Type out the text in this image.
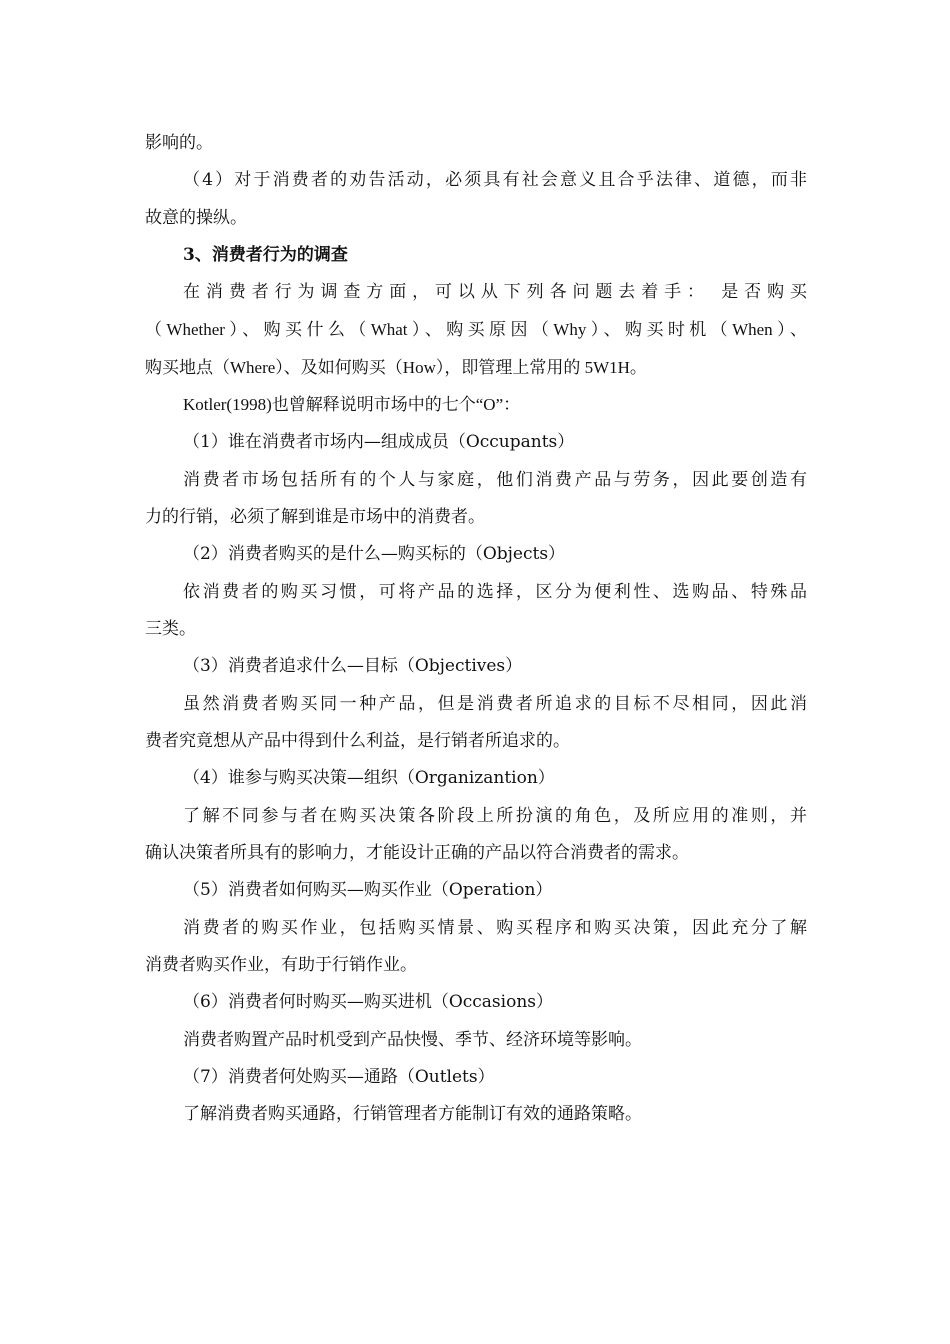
影响的。
（4）对于消费者的劝告活动，必须具有社会意义且合乎法律、道德，而非
故意的操纵。
3、消费者行为的调查
在消费者行为调查方面，可以从下列各问题去着手： 是否购买
（Whether）、购买什么（What）、购买原因（Why）、购买时机（When）、
购买地点（Where）、及如何购买（How），即管理上常用的 5W1H。
Kotler(1998)也曾解释说明市场中的七个“O”：
（1）谁在消费者市场内—组成成员（Occupants）
消费者市场包括所有的个人与家庭，他们消费产品与劳务，因此要创造有
力的行销，必须了解到谁是市场中的消费者。
（2）消费者购买的是什么—购买标的（Objects）
依消费者的购买习惯，可将产品的选择，区分为便利性、选购品、特殊品
三类。
（3）消费者追求什么—目标（Objectives）
虽然消费者购买同一种产品，但是消费者所追求的目标不尽相同，因此消
费者究竟想从产品中得到什么利益，是行销者所追求的。
（4）谁参与购买决策—组织（Organizantion）
了解不同参与者在购买决策各阶段上所扮演的角色，及所应用的准则，并
确认决策者所具有的影响力，才能设计正确的产品以符合消费者的需求。
（5）消费者如何购买—购买作业（Operation）
消费者的购买作业，包括购买情景、购买程序和购买决策，因此充分了解
消费者购买作业，有助于行销作业。
（6）消费者何时购买—购买进机（Occasions）
消费者购置产品时机受到产品快慢、季节、经济环境等影响。
（7）消费者何处购买—通路（Outlets）
了解消费者购买通路，行销管理者方能制订有效的通路策略。
